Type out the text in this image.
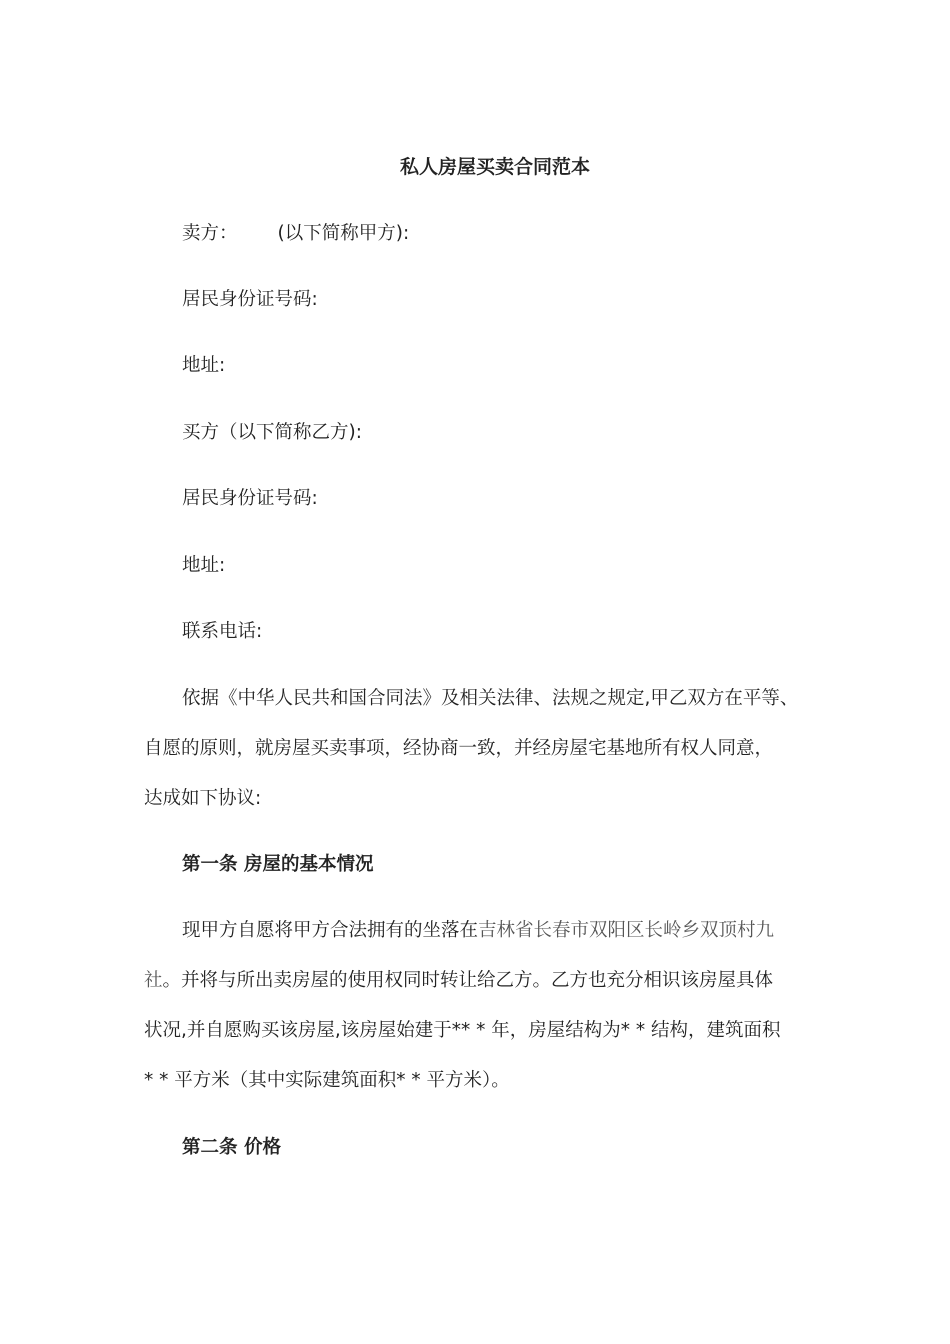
私人房屋买卖合同范本
卖方： (以下简称甲方):
居民身份证号码:
地址:
买方（以下简称乙方):
居民身份证号码:
地址:
联系电话:
依据《中华人民共和国合同法》及相关法律、法规之规定,甲乙双方在平等、
自愿的原则，就房屋买卖事项，经协商一致，并经房屋宅基地所有权人同意，
达成如下协议:
第一条 房屋的基本情况
现甲方自愿将甲方合法拥有的坐落在吉林省长春市双阳区长岭乡双顶村九
社。并将与所出卖房屋的使用权同时转让给乙方。乙方也充分相识该房屋具体
状况,并自愿购买该房屋,该房屋始建于** * 年，房屋结构为* * 结构，建筑面积
* * 平方米（其中实际建筑面积* * 平方米）。
第二条 价格
